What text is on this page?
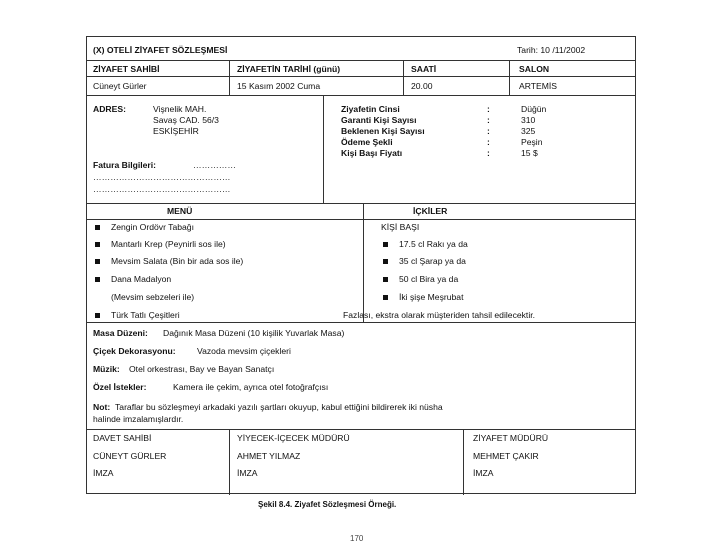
(X) OTELİ ZİYAFET SÖZLEŞMESİ	Tarih: 10 /11/2002
ZİYAFET SAHİBİ	ZİYAFETİN TARİHİ (günü)	SAATİ	SALON
Cüneyt Gürler	15 Kasım 2002 Cuma	20.00	ARTEMİS
ADRES:	Vişnelik MAH.
Savaş CAD. 56/3
ESKİŞEHİR
Fatura Bilgileri:	……………
…………………………………………
…………………………………………
Ziyafetin Cinsi	:	Düğün
Garanti Kişi Sayısı	:	310
Beklenen Kişi Sayısı	:	325
Ödeme Şekli	:	Peşin
Kişi Başı Fiyatı	:	15 $
MENÜ	İÇKİLER
Zengin Ordövr Tabağı
Mantarlı Krep (Peynirli sos ile)
Mevsim Salata (Bin bir ada sos ile)
Dana Madalyon
(Mevsim sebzeleri ile)
Türk Tatlı Çeşitleri
KİŞİ BAŞI
17.5 cl Rakı ya da
35 cl Şarap ya da
50 cl Bira ya da
İki şişe Meşrubat
Fazlası, ekstra olarak müşteriden tahsil edilecektir.
Masa Düzeni: Dağınık Masa Düzeni (10 kişilik Yuvarlak Masa)
Çiçek Dekorasyonu: Vazoda mevsim çiçekleri
Müzik: Otel orkestrası, Bay ve Bayan Sanatçı
Özel İstekler:	Kamera ile çekim, ayrıca otel fotoğrafçısı
Not: Taraflar bu sözleşmeyi arkadaki yazılı şartları okuyup, kabul ettiğini bildirerek iki nüsha
halinde imzalamışlardır.
DAVET SAHİBİ	YİYECEK-İÇECEK MÜDÜRÜ	ZİYAFET MÜDÜRÜ
CÜNEYT GÜRLER	AHMET YILMAZ	MEHMET ÇAKIR
İMZA	İMZA	İMZA
Şekil 8.4. Ziyafet Sözleşmesi Örneği.
170
